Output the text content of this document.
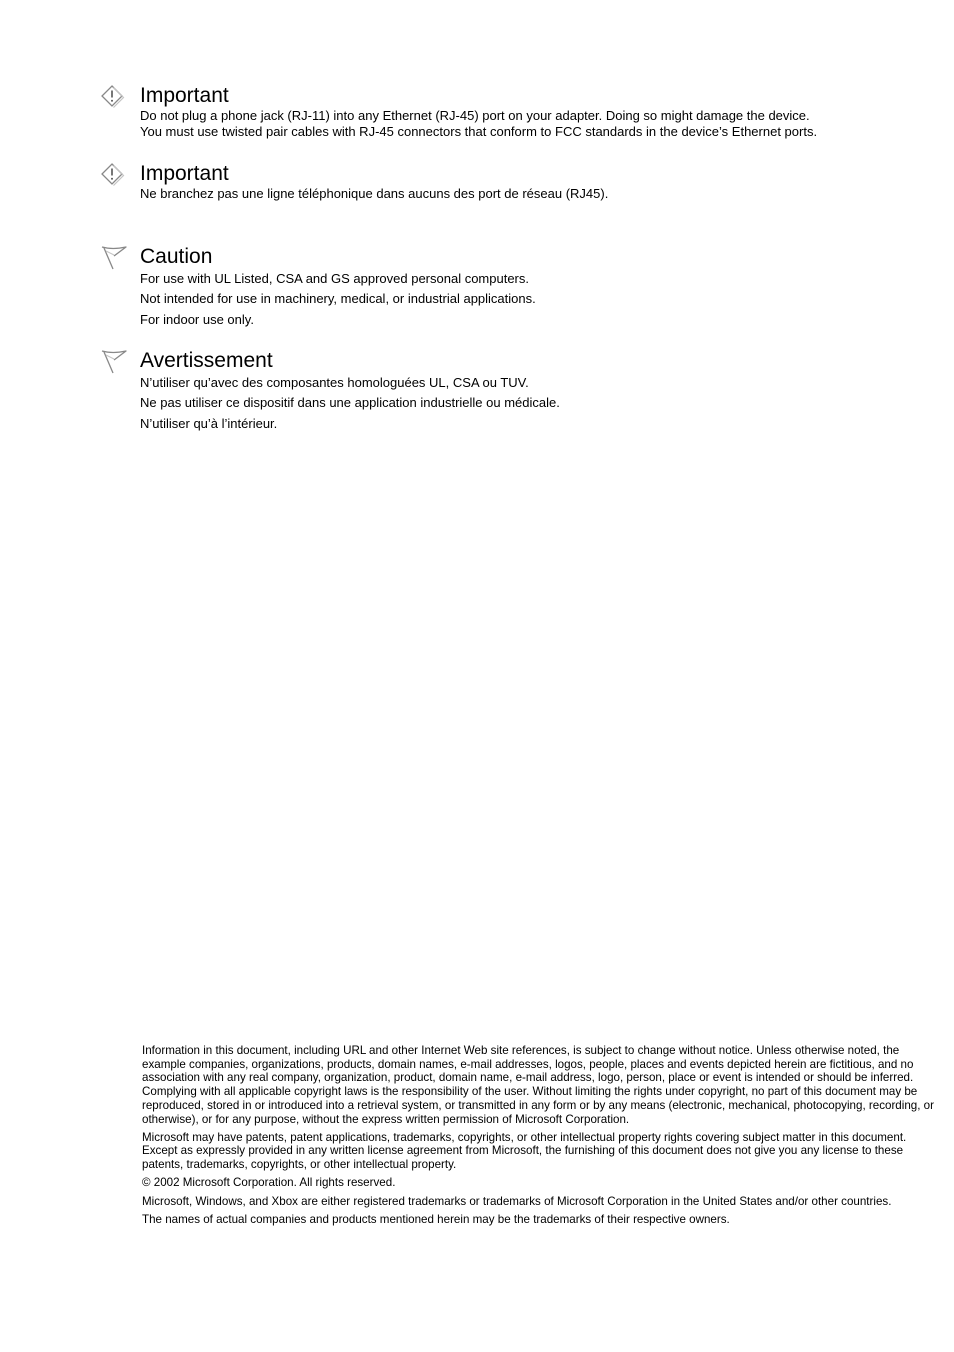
Important
Do not plug a phone jack (RJ-11) into any Ethernet (RJ-45) port on your adapter. Doing so might damage the device.
You must use twisted pair cables with RJ-45 connectors that conform to FCC standards in the device’s Ethernet ports.
Important
Ne branchez pas une ligne téléphonique dans aucuns des port de réseau (RJ45).
Caution
For use with UL Listed, CSA and GS approved personal computers.
Not intended for use in machinery, medical, or industrial applications.
For indoor use only.
Avertissement
N’utiliser qu’avec des composantes homologuées UL, CSA ou TUV.
Ne pas utiliser ce dispositif dans une application industrielle ou médicale.
N’utiliser qu’à l’intérieur.

Information in this document, including URL and other Internet Web site references, is subject to change without notice. Unless otherwise noted, the example companies, organizations, products, domain names, e-mail addresses, logos, people, places and events depicted herein are fictitious, and no association with any real company, organization, product, domain name, e-mail address, logo, person, place or event is intended or should be inferred. Complying with all applicable copyright laws is the responsibility of the user. Without limiting the rights under copyright, no part of this document may be reproduced, stored in or introduced into a retrieval system, or transmitted in any form or by any means (electronic, mechanical, photocopying, recording, or otherwise), or for any purpose, without the express written permission of Microsoft Corporation.

Microsoft may have patents, patent applications, trademarks, copyrights, or other intellectual property rights covering subject matter in this document. Except as expressly provided in any written license agreement from Microsoft, the furnishing of this document does not give you any license to these patents, trademarks, copyrights, or other intellectual property.

© 2002 Microsoft Corporation. All rights reserved.

Microsoft, Windows, and Xbox are either registered trademarks or trademarks of Microsoft Corporation in the United States and/or other countries.

The names of actual companies and products mentioned herein may be the trademarks of their respective owners.
